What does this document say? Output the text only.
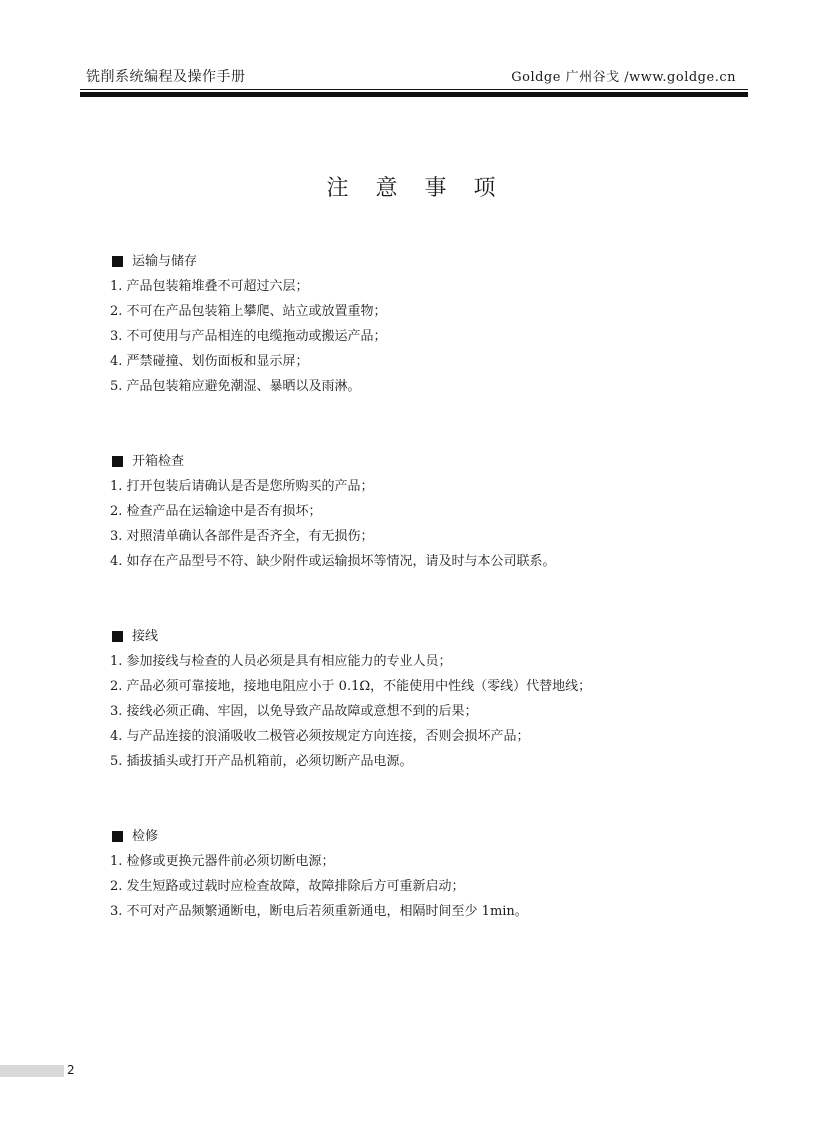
铣削系统编程及操作手册	Goldge 广州谷戈 /www.goldge.cn
注 意 事 项
运输与储存
1. 产品包装箱堆叠不可超过六层；
2. 不可在产品包装箱上攀爬、站立或放置重物；
3. 不可使用与产品相连的电缆拖动或搬运产品；
4. 严禁碰撞、划伤面板和显示屏；
5. 产品包装箱应避免潮湿、暴晒以及雨淋。
开箱检查
1. 打开包装后请确认是否是您所购买的产品；
2. 检查产品在运输途中是否有损坏；
3. 对照清单确认各部件是否齐全，有无损伤；
4. 如存在产品型号不符、缺少附件或运输损坏等情况，请及时与本公司联系。
接线
1. 参加接线与检查的人员必须是具有相应能力的专业人员；
2. 产品必须可靠接地，接地电阻应小于 0.1Ω，不能使用中性线（零线）代替地线；
3. 接线必须正确、牢固，以免导致产品故障或意想不到的后果；
4. 与产品连接的浪涌吸收二极管必须按规定方向连接，否则会损坏产品；
5. 插拔插头或打开产品机箱前，必须切断产品电源。
检修
1. 检修或更换元器件前必须切断电源；
2. 发生短路或过载时应检查故障，故障排除后方可重新启动；
3. 不可对产品频繁通断电，断电后若须重新通电，相隔时间至少 1min。
2
